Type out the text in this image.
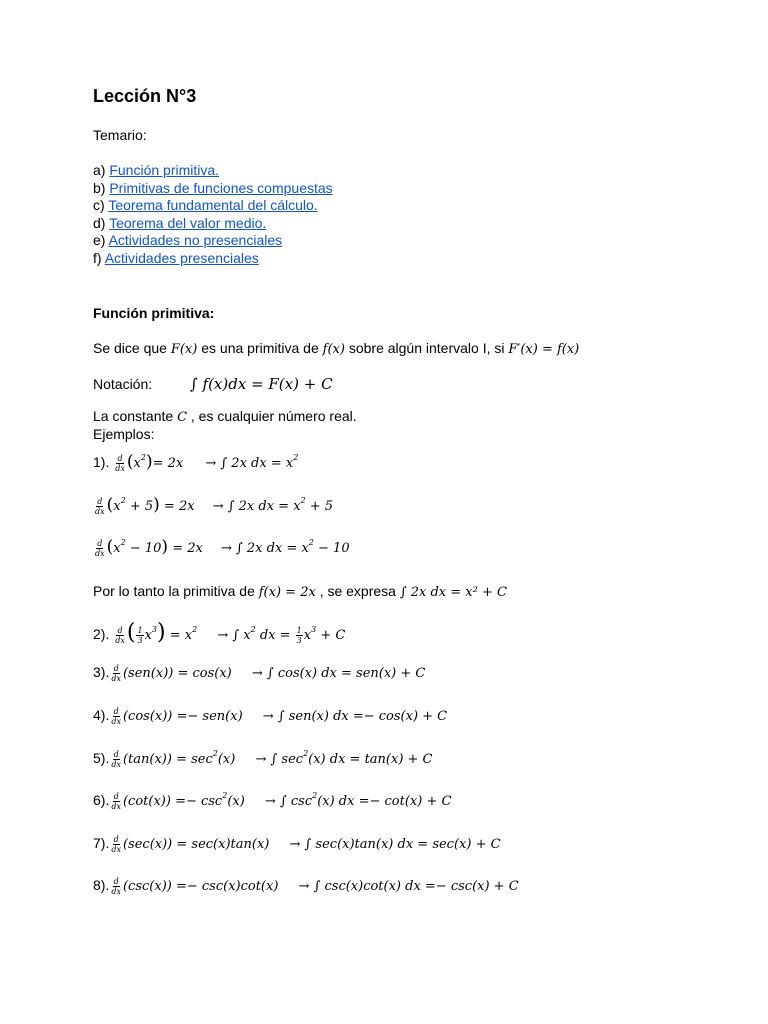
Lección N°3
Temario:
a) Función primitiva.
b) Primitivas de funciones compuestas
c) Teorema fundamental del cálculo.
d) Teorema del valor medio.
e) Actividades no presenciales
f) Actividades presenciales
Función primitiva:
Se dice que F(x) es una primitiva de f(x) sobre algún intervalo I, si F′(x) = f(x)
Notación:	∫ f(x)dx = F(x) + C
La constante C , es cualquier número real.
Ejemplos:
1). $\frac{d}{dx} (x^2)= 2x$ → ∫ 2x dx = $x^2$
$\frac{d}{dx} (x^2 + 5) = 2x$ → ∫ 2x dx = $x^2 + 5$
$\frac{d}{dx} (x^2 - 10) = 2x$ → ∫ 2x dx = $x^2 - 10$
Por lo tanto la primitiva de f(x) = 2x , se expresa ∫ 2x dx = x² + C
2). $\frac{d}{dx}$ ( $\frac{1}{3} x^3) = x^2$ → ∫ $x^2$ dx = $\frac{1}{3} x^3 + C$
3). $\frac{d}{dx} (sen(x)) = \cos(x)$ → ∫ cos(x) dx = sen(x) + C
4). $\frac{d}{dx} (\cos(x)) =- sen(x)$ → ∫ sen(x) dx =− cos(x) + C
5). $\frac{d}{dx} (\tan(x)) = \sec^2(x)$ → ∫ $\sec^2(x)$ dx = tan(x) + C
6). $\frac{d}{dx} (\cot(x)) =- \csc^2(x)$ → ∫ $\csc^2(x)$ dx =− cot(x) + C
7). $\frac{d}{dx} (\sec(x)) = \sec(x)\tan(x)$ → ∫ sec(x)tan(x) dx = sec(x) + C
8). $\frac{d}{dx} (\csc(x)) =- \csc(x)\cot(x)$ → ∫ csc(x)cot(x) dx =− csc(x) + C
